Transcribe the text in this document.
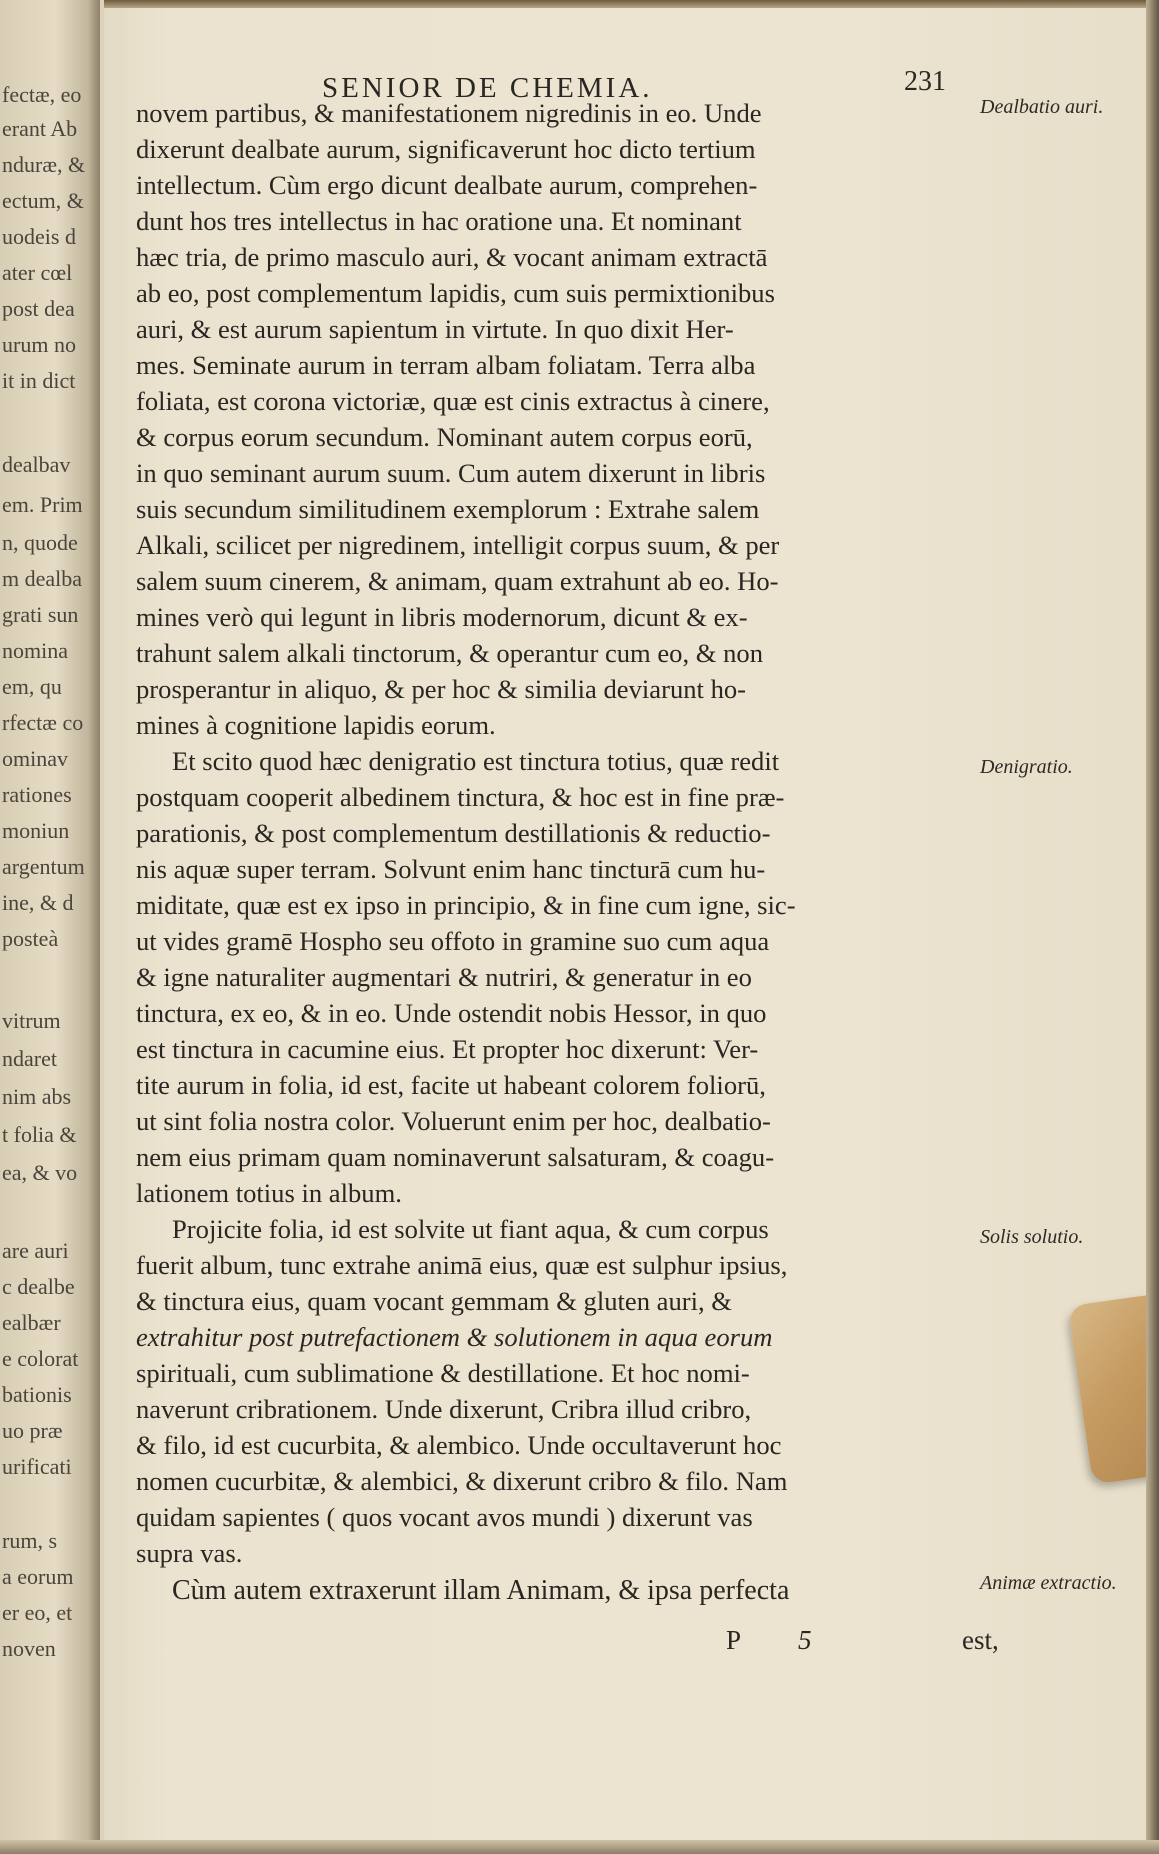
fectæ, eo
erant Ab
nduræ, &
ectum, &
uodeis d
ater cœl
post dea
urum no
it in dict
dealbav
em. Prim
n, quode
m dealba
grati sun
nomina
em, qu
rfectæ co
ominav
rationes
moniun
argentum
ine, & d
posteà
vitrum
ndaret
nim abs
t folia &
ea, & vo
are auri
c dealbe
ealbær
e colorat
bationis
uo præ
urificati
rum, s
a eorum
er eo, et
noven
SENIOR DE CHEMIA.	231
novem partibus, & manifestationem nigredinis in eo. Unde
dixerunt dealbate aurum, significaverunt hoc dicto tertium
intellectum. Cùm ergo dicunt dealbate aurum, comprehen-
dunt hos tres intellectus in hac oratione una. Et nominant
hæc tria, de primo masculo auri, & vocant animam extractā
ab eo, post complementum lapidis, cum suis permixtionibus
auri, & est aurum sapientum in virtute. In quo dixit Her-
mes. Seminate aurum in terram albam foliatam. Terra alba
foliata, est corona victoriæ, quæ est cinis extractus à cinere,
& corpus eorum secundum. Nominant autem corpus eorū,
in quo seminant aurum suum. Cum autem dixerunt in libris
suis secundum similitudinem exemplorum : Extrahe salem
Alkali, scilicet per nigredinem, intelligit corpus suum, & per
salem suum cinerem, & animam, quam extrahunt ab eo. Ho-
mines verò qui legunt in libris modernorum, dicunt & ex-
trahunt salem alkali tinctorum, & operantur cum eo, & non
prosperantur in aliquo, & per hoc & similia deviarunt ho-
mines à cognitione lapidis eorum.
Et scito quod hæc denigratio est tinctura totius, quæ redit
postquam cooperit albedinem tinctura, & hoc est in fine præ-
parationis, & post complementum destillationis & reductio-
nis aquæ super terram. Solvunt enim hanc tincturā cum hu-
miditate, quæ est ex ipso in principio, & in fine cum igne, sic-
ut vides gramē Hospho seu offoto in gramine suo cum aqua
& igne naturaliter augmentari & nutriri, & generatur in eo
tinctura, ex eo, & in eo. Unde ostendit nobis Hessor, in quo
est tinctura in cacumine eius. Et propter hoc dixerunt: Ver-
tite aurum in folia, id est, facite ut habeant colorem foliorū,
ut sint folia nostra color. Voluerunt enim per hoc, dealbatio-
nem eius primam quam nominaverunt salsaturam, & coagu-
lationem totius in album.
Projicite folia, id est solvite ut fiant aqua, & cum corpus
fuerit album, tunc extrahe animā eius, quæ est sulphur ipsius,
& tinctura eius, quam vocant gemmam & gluten auri, &
extrahitur post putrefactionem & solutionem in aqua eorum
spirituali, cum sublimatione & destillatione. Et hoc nomi-
naverunt cribrationem. Unde dixerunt, Cribra illud cribro,
& filo, id est cucurbita, & alembico. Unde occultaverunt hoc
nomen cucurbitæ, & alembici, & dixerunt cribro & filo. Nam
quidam sapientes ( quos vocant avos mundi ) dixerunt vas
supra vas.
Cùm autem extraxerunt illam Animam, & ipsa perfecta
P 5	est,
Dealbatio auri.
Denigratio.
Solis solutio.
Animæ extractio.
